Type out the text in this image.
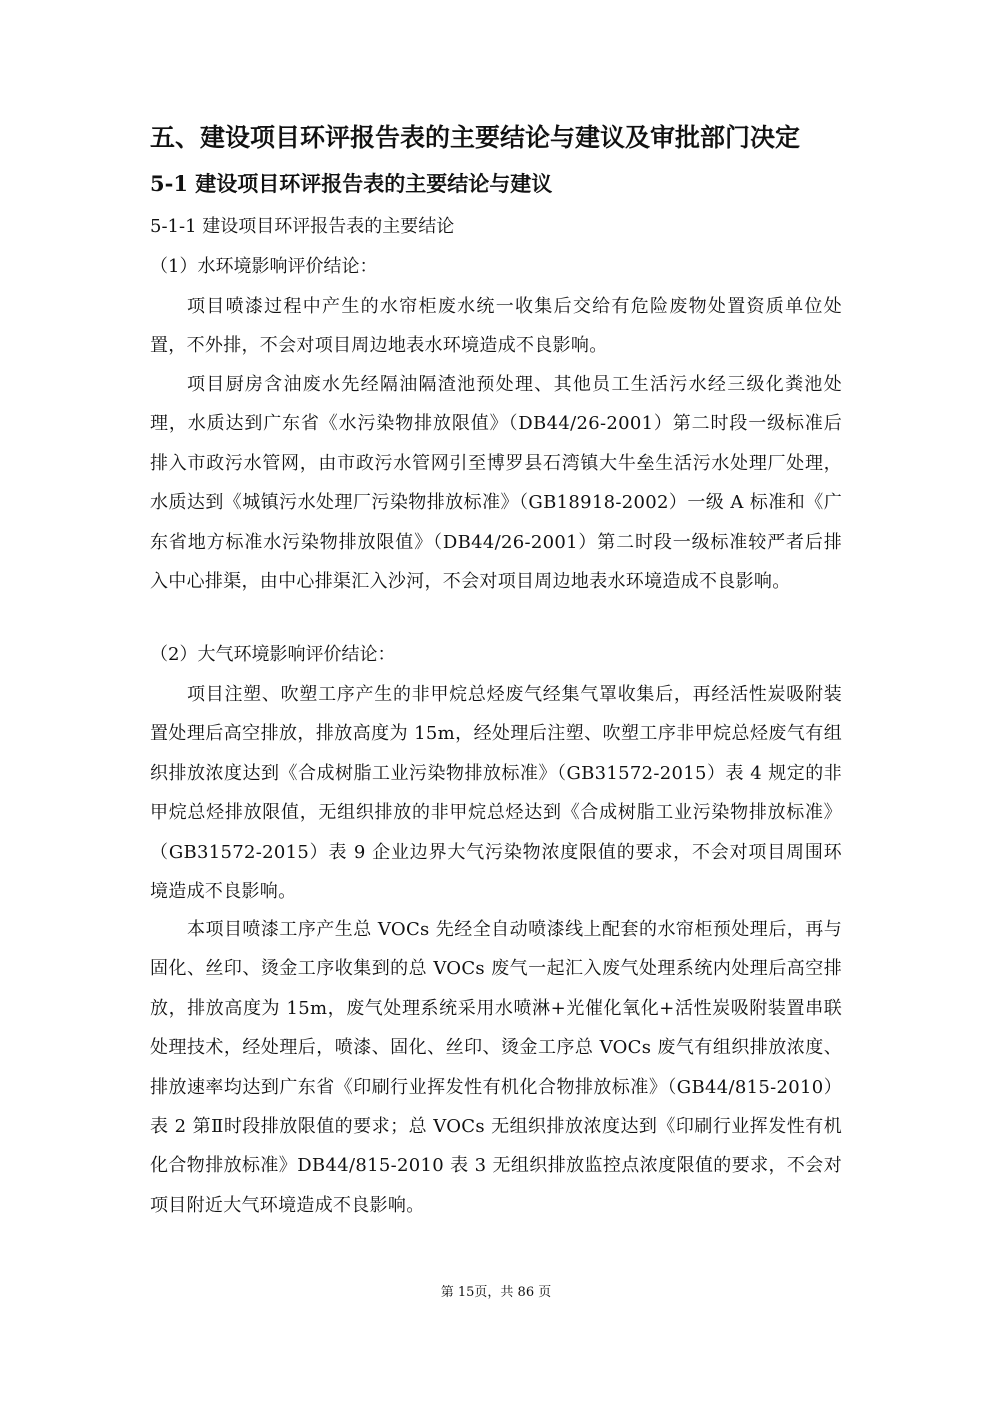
五、建设项目环评报告表的主要结论与建议及审批部门决定
5-1 建设项目环评报告表的主要结论与建议
5-1-1 建设项目环评报告表的主要结论
（1）水环境影响评价结论：
项目喷漆过程中产生的水帘柜废水统一收集后交给有危险废物处置资质单位处置，不外排，不会对项目周边地表水环境造成不良影响。
项目厨房含油废水先经隔油隔渣池预处理、其他员工生活污水经三级化粪池处理，水质达到广东省《水污染物排放限值》（DB44/26-2001）第二时段一级标准后排入市政污水管网，由市政污水管网引至博罗县石湾镇大牛垒生活污水处理厂处理，水质达到《城镇污水处理厂污染物排放标准》（GB18918-2002）一级 A 标准和《广东省地方标准水污染物排放限值》（DB44/26-2001）第二时段一级标准较严者后排入中心排渠，由中心排渠汇入沙河，不会对项目周边地表水环境造成不良影响。
（2）大气环境影响评价结论：
项目注塑、吹塑工序产生的非甲烷总烃废气经集气罩收集后，再经活性炭吸附装置处理后高空排放，排放高度为 15m，经处理后注塑、吹塑工序非甲烷总烃废气有组织排放浓度达到《合成树脂工业污染物排放标准》（GB31572-2015）表 4 规定的非甲烷总烃排放限值，无组织排放的非甲烷总烃达到《合成树脂工业污染物排放标准》（GB31572-2015）表 9 企业边界大气污染物浓度限值的要求，不会对项目周围环境造成不良影响。
本项目喷漆工序产生总 VOCs 先经全自动喷漆线上配套的水帘柜预处理后，再与固化、丝印、烫金工序收集到的总 VOCs 废气一起汇入废气处理系统内处理后高空排放，排放高度为 15m，废气处理系统采用水喷淋+光催化氧化+活性炭吸附装置串联处理技术，经处理后，喷漆、固化、丝印、烫金工序总 VOCs 废气有组织排放浓度、排放速率均达到广东省《印刷行业挥发性有机化合物排放标准》（GB44/815-2010）表 2 第Ⅱ时段排放限值的要求；总 VOCs 无组织排放浓度达到《印刷行业挥发性有机化合物排放标准》DB44/815-2010 表 3 无组织排放监控点浓度限值的要求，不会对项目附近大气环境造成不良影响。
第 15页，共 86 页
